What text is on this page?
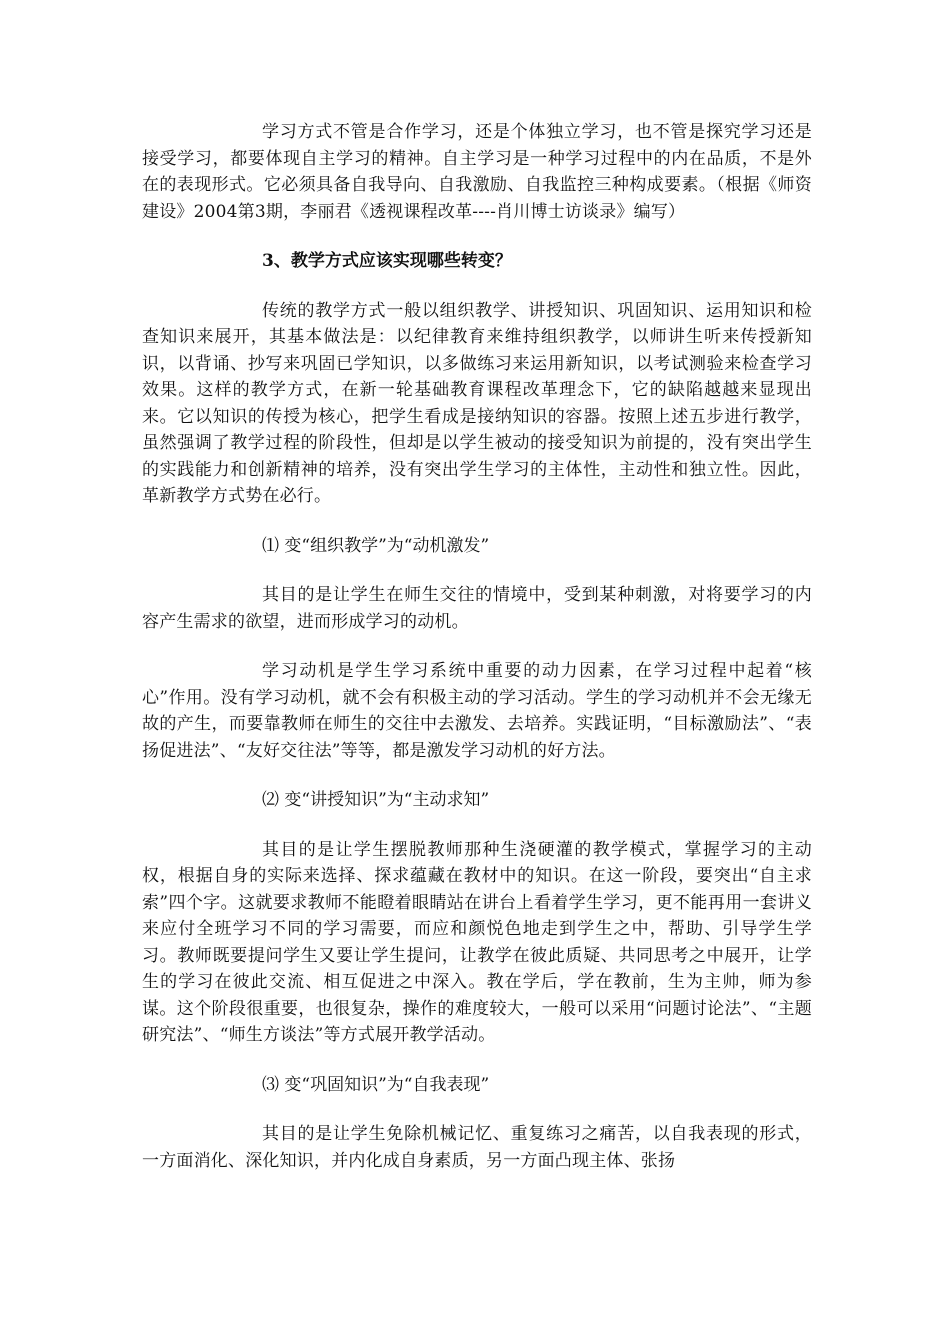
学习方式不管是合作学习，还是个体独立学习，也不管是探究学习还是接受学习，都要体现自主学习的精神。自主学习是一种学习过程中的内在品质，不是外在的表现形式。它必须具备自我导向、自我激励、自我监控三种构成要素。（根据《师资建设》2004第3期，李丽君《透视课程改革----肖川博士访谈录》编写）

3、教学方式应该实现哪些转变？

传统的教学方式一般以组织教学、讲授知识、巩固知识、运用知识和检查知识来展开，其基本做法是：以纪律教育来维持组织教学，以师讲生听来传授新知识，以背诵、抄写来巩固已学知识，以多做练习来运用新知识，以考试测验来检查学习效果。这样的教学方式，在新一轮基础教育课程改革理念下，它的缺陷越越来显现出来。它以知识的传授为核心，把学生看成是接纳知识的容器。按照上述五步进行教学，虽然强调了教学过程的阶段性，但却是以学生被动的接受知识为前提的，没有突出学生的实践能力和创新精神的培养，没有突出学生学习的主体性，主动性和独立性。因此，革新教学方式势在必行。

⑴ 变“组织教学”为“动机激发”

其目的是让学生在师生交往的情境中，受到某种刺激，对将要学习的内容产生需求的欲望，进而形成学习的动机。

学习动机是学生学习系统中重要的动力因素，在学习过程中起着“核心”作用。没有学习动机，就不会有积极主动的学习活动。学生的学习动机并不会无缘无故的产生，而要靠教师在师生的交往中去激发、去培养。实践证明，“目标激励法”、“表扬促进法”、“友好交往法”等等，都是激发学习动机的好方法。

⑵ 变“讲授知识”为“主动求知”

其目的是让学生摆脱教师那种生浇硬灌的教学模式，掌握学习的主动权，根据自身的实际来选择、探求蕴藏在教材中的知识。在这一阶段，要突出“自主求索”四个字。这就要求教师不能瞪着眼睛站在讲台上看着学生学习，更不能再用一套讲义来应付全班学习不同的学习需要，而应和颜悦色地走到学生之中，帮助、引导学生学习。教师既要提问学生又要让学生提问，让教学在彼此质疑、共同思考之中展开，让学生的学习在彼此交流、相互促进之中深入。教在学后，学在教前，生为主帅，师为参谋。这个阶段很重要，也很复杂，操作的难度较大，一般可以采用“问题讨论法”、“主题研究法”、“师生方谈法”等方式展开教学活动。

⑶ 变“巩固知识”为“自我表现”

其目的是让学生免除机械记忆、重复练习之痛苦，以自我表现的形式，一方面消化、深化知识，并内化成自身素质，另一方面凸现主体、张扬
